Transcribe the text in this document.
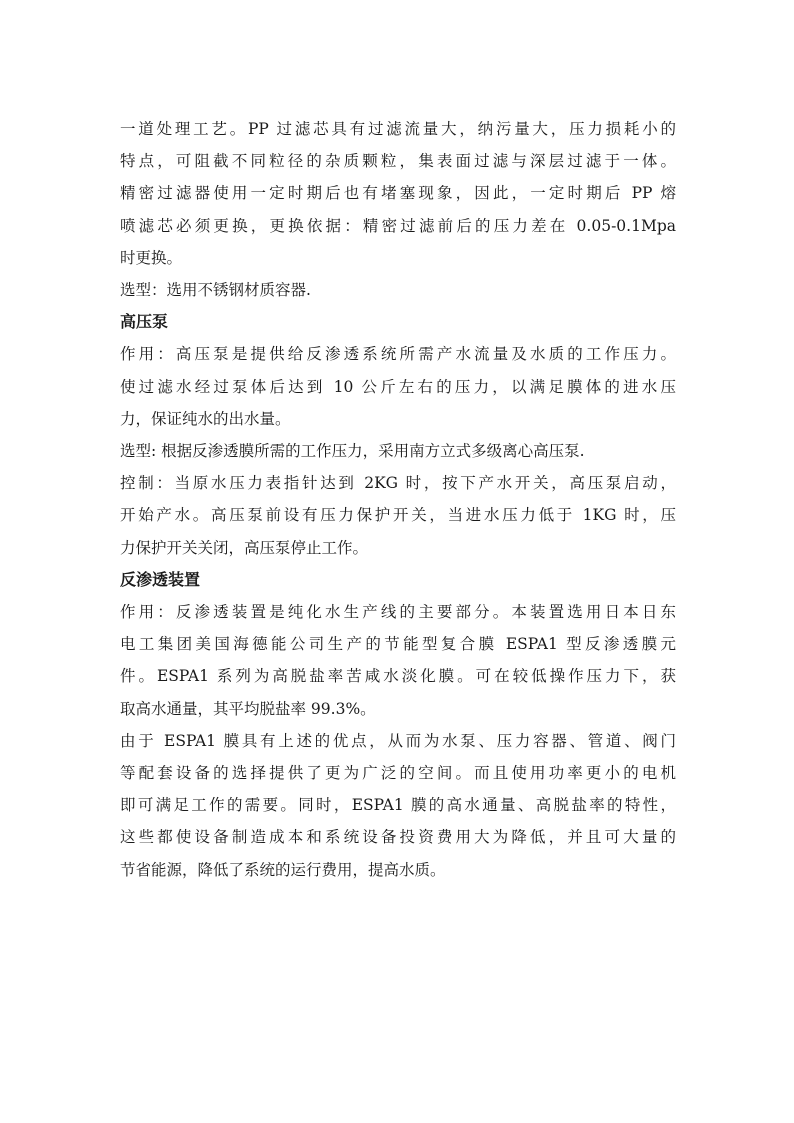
一道处理工艺。PP 过滤芯具有过滤流量大，纳污量大，压力损耗小的
特点，可阻截不同粒径的杂质颗粒，集表面过滤与深层过滤于一体。
精密过滤器使用一定时期后也有堵塞现象，因此，一定时期后 PP 熔
喷滤芯必须更换，更换依据：精密过滤前后的压力差在 0.05-0.1Mpa
时更换。

选型：选用不锈钢材质容器.

高压泵

作用：高压泵是提供给反渗透系统所需产水流量及水质的工作压力。
使过滤水经过泵体后达到 10 公斤左右的压力，以满足膜体的进水压
力，保证纯水的出水量。

选型: 根据反渗透膜所需的工作压力，采用南方立式多级离心高压泵.

控制：当原水压力表指针达到 2KG 时，按下产水开关，高压泵启动，
开始产水。高压泵前设有压力保护开关，当进水压力低于 1KG 时，压
力保护开关关闭，高压泵停止工作。

反渗透装置

作用：反渗透装置是纯化水生产线的主要部分。本装置选用日本日东
电工集团美国海德能公司生产的节能型复合膜 ESPA1 型反渗透膜元
件。ESPA1 系列为高脱盐率苦咸水淡化膜。可在较低操作压力下，获
取高水通量，其平均脱盐率 99.3%。

由于 ESPA1 膜具有上述的优点，从而为水泵、压力容器、管道、阀门
等配套设备的选择提供了更为广泛的空间。而且使用功率更小的电机
即可满足工作的需要。同时，ESPA1 膜的高水通量、高脱盐率的特性，
这些都使设备制造成本和系统设备投资费用大为降低，并且可大量的
节省能源，降低了系统的运行费用，提高水质。
